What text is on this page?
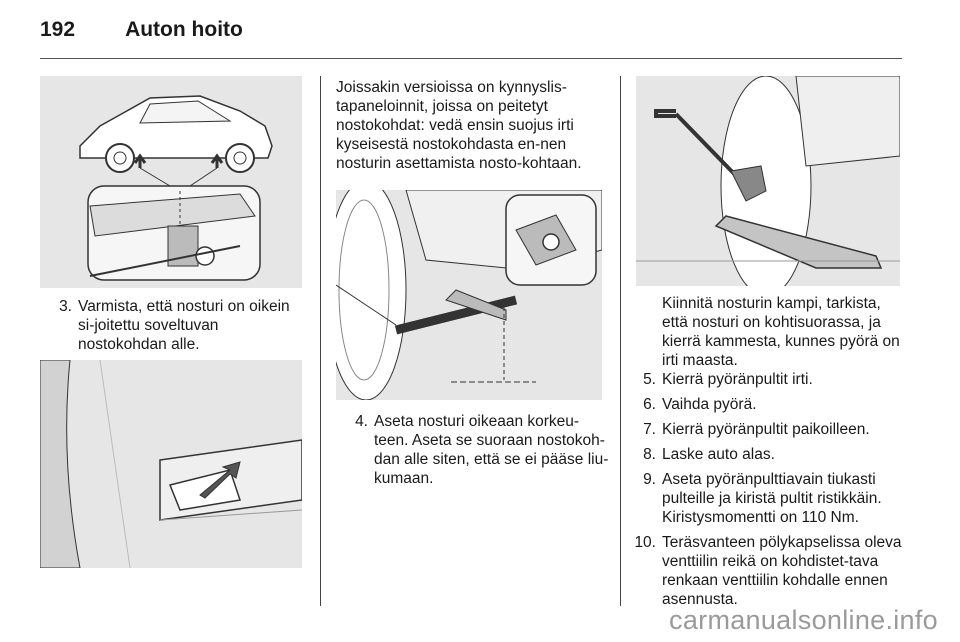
192 Auton hoito
3. Varmista, että nosturi on oikein si-joitettu soveltuvan nostokohdan alle.
Joissakin versioissa on kynnyslis-tapaneloinnit, joissa on peitetyt nostokohdat: vedä ensin suojus irti kyseisestä nostokohdasta en-nen nosturin asettamista nosto-kohtaan.
4. Aseta nosturi oikeaan korkeu-teen. Aseta se suoraan nostokoh-dan alle siten, että se ei pääse liu-kumaan.
Kiinnitä nosturin kampi, tarkista, että nosturi on kohtisuorassa, ja kierrä kammesta, kunnes pyörä on irti maasta.
5. Kierrä pyöränpultit irti.
6. Vaihda pyörä.
7. Kierrä pyöränpultit paikoilleen.
8. Laske auto alas.
9. Aseta pyöränpulttiavain tiukasti pulteille ja kiristä pultit ristikkäin. Kiristysmomentti on 110 Nm.
10. Teräsvanteen pölykapselissa oleva venttiilin reikä on kohdistet-tava renkaan venttiilin kohdalle ennen asennusta.
carmanualsonline.info
